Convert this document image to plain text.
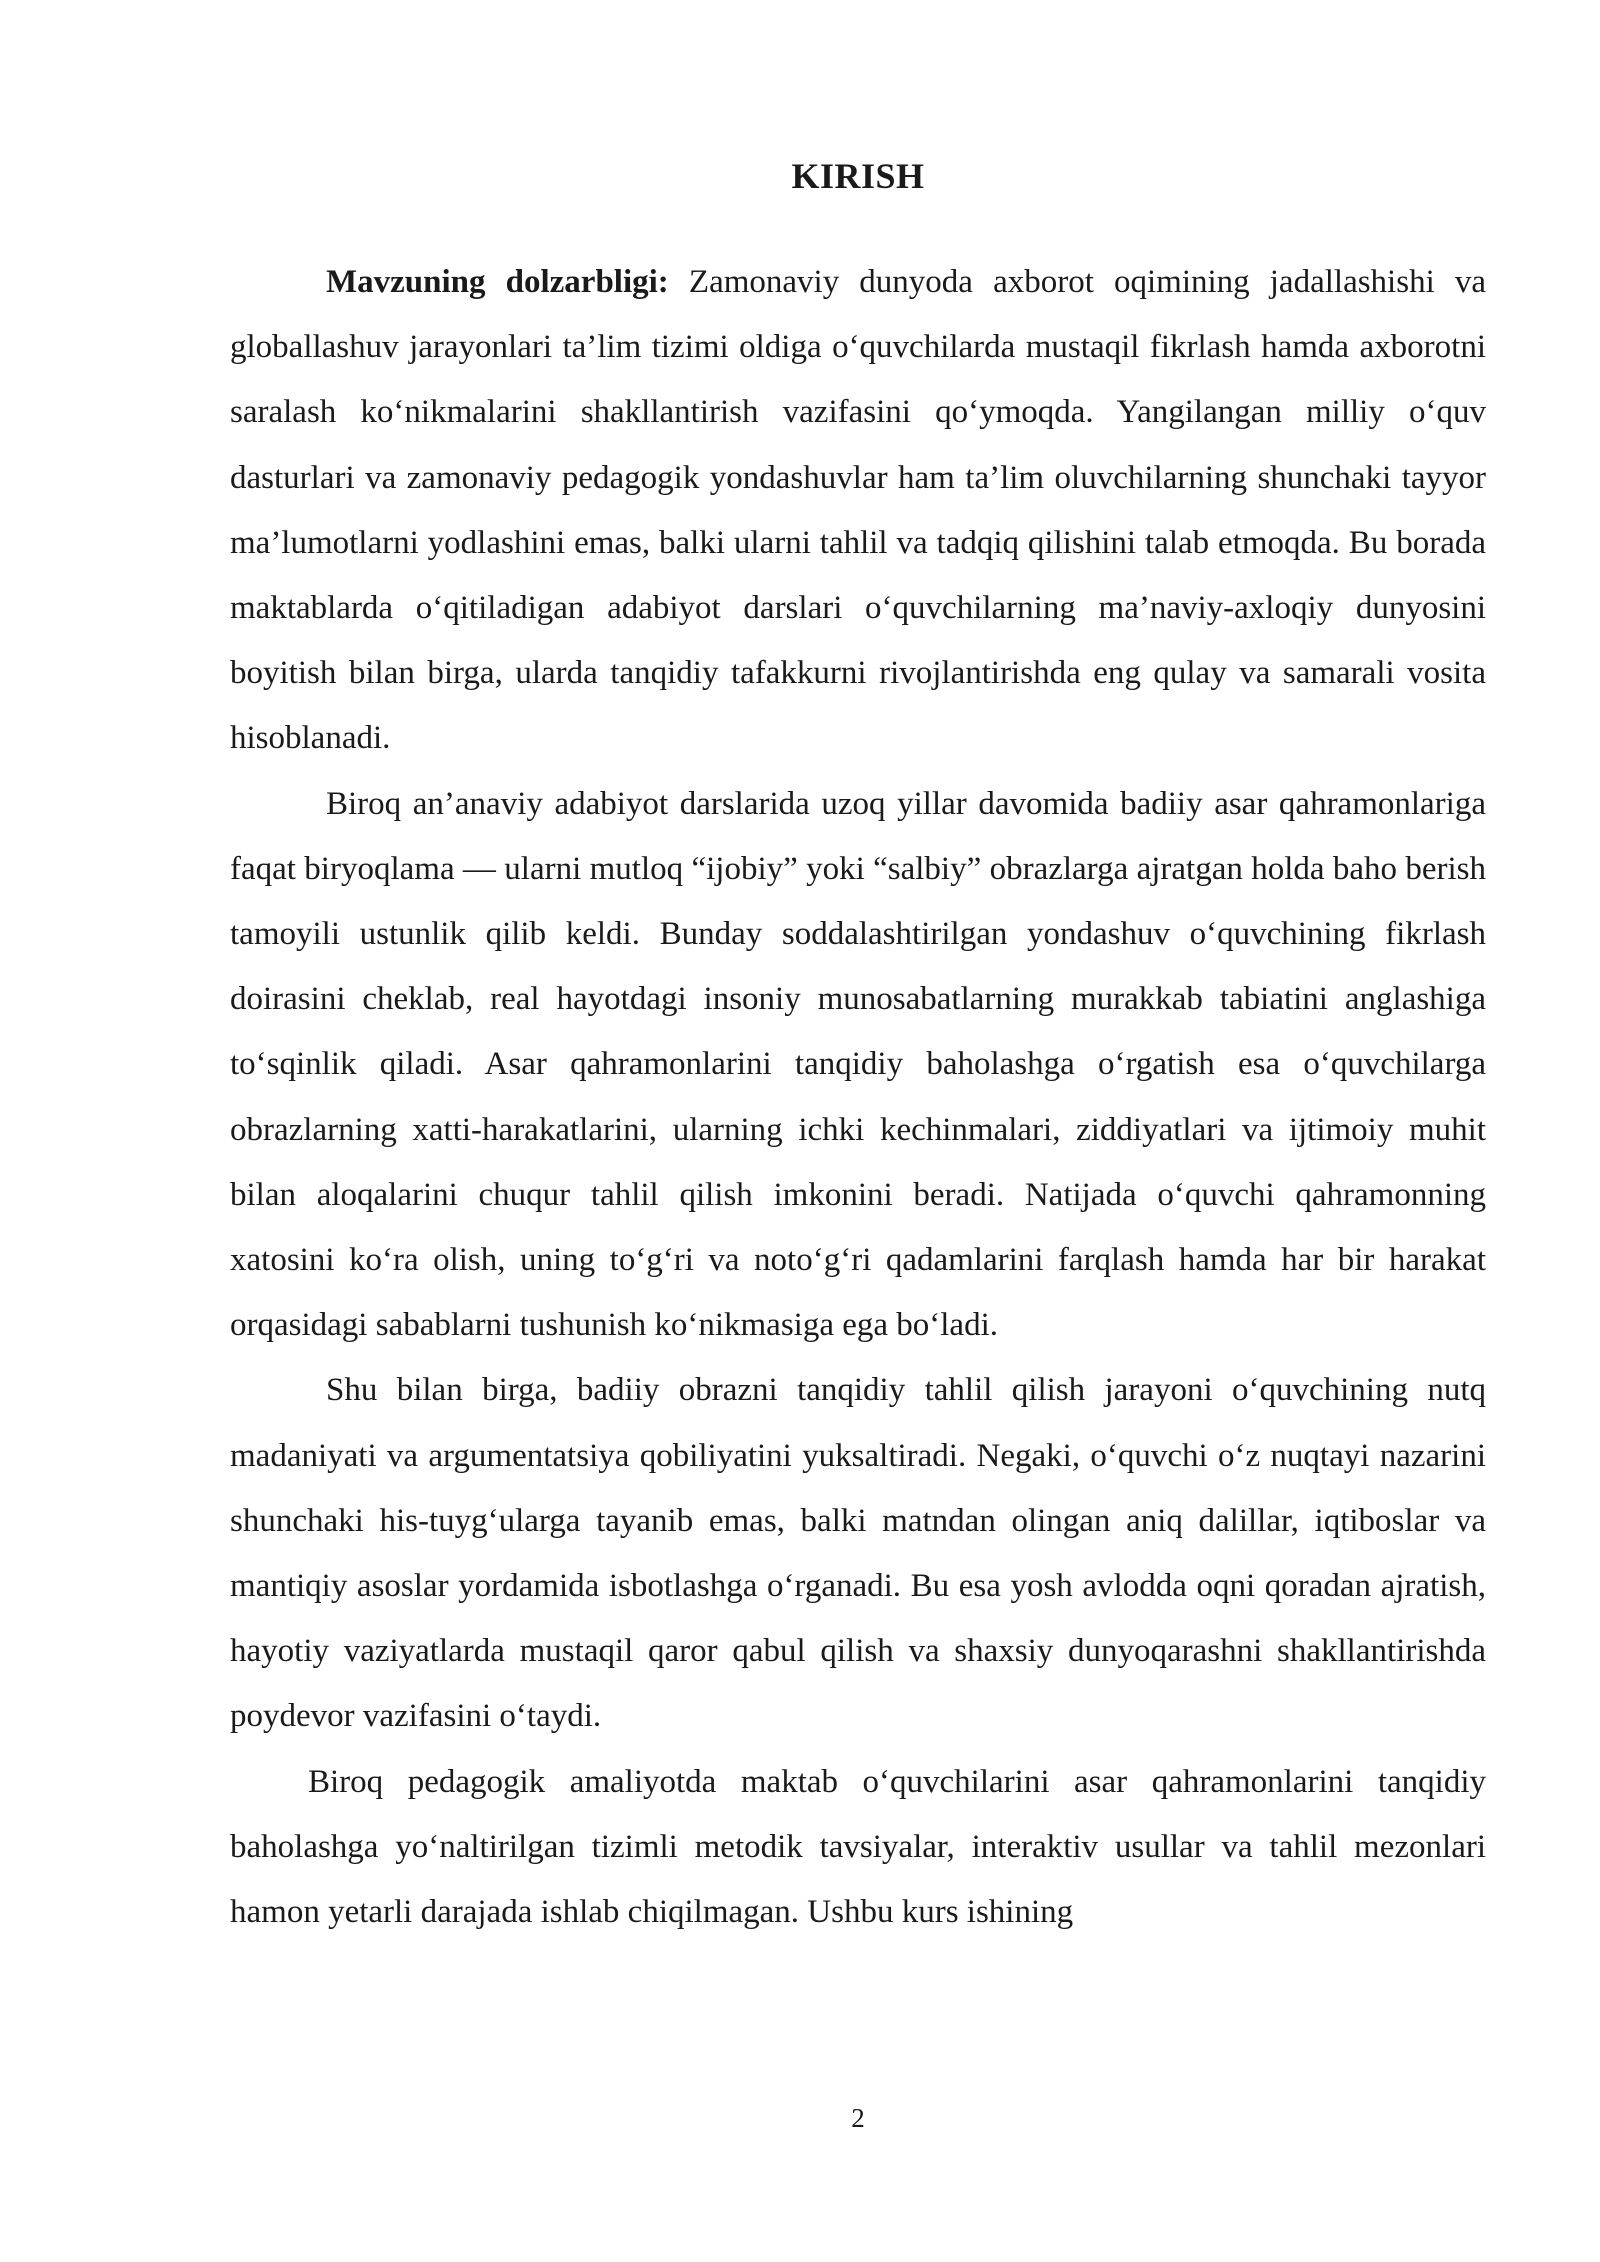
KIRISH

Mavzuning dolzarbligi: Zamonaviy dunyoda axborot oqimining jadallashishi va globallashuv jarayonlari ta’lim tizimi oldiga o‘quvchilarda mustaqil fikrlash hamda axborotni saralash ko‘nikmalarini shakllantirish vazifasini qo‘ymoqda. Yangilangan milliy o‘quv dasturlari va zamonaviy pedagogik yondashuvlar ham ta’lim oluvchilarning shunchaki tayyor ma’lumotlarni yodlashini emas, balki ularni tahlil va tadqiq qilishini talab etmoqda. Bu borada maktablarda o‘qitiladigan adabiyot darslari o‘quvchilarning ma’naviy-axloqiy dunyosini boyitish bilan birga, ularda tanqidiy tafakkurni rivojlantirishda eng qulay va samarali vosita hisoblanadi.

Biroq an’anaviy adabiyot darslarida uzoq yillar davomida badiiy asar qahramonlariga faqat biryoqlama — ularni mutloq “ijobiy” yoki “salbiy” obrazlarga ajratgan holda baho berish tamoyili ustunlik qilib keldi. Bunday soddalashtirilgan yondashuv o‘quvchining fikrlash doirasini cheklab, real hayotdagi insoniy munosabatlarning murakkab tabiatini anglashiga to‘sqinlik qiladi. Asar qahramonlarini tanqidiy baholashga o‘rgatish esa o‘quvchilarga obrazlarning xatti-harakatlarini, ularning ichki kechinmalari, ziddiyatlari va ijtimoiy muhit bilan aloqalarini chuqur tahlil qilish imkonini beradi. Natijada o‘quvchi qahramonning xatosini ko‘ra olish, uning to‘g‘ri va noto‘g‘ri qadamlarini farqlash hamda har bir harakat orqasidagi sabablarni tushunish ko‘nikmasiga ega bo‘ladi.

Shu bilan birga, badiiy obrazni tanqidiy tahlil qilish jarayoni o‘quvchining nutq madaniyati va argumentatsiya qobiliyatini yuksaltiradi. Negaki, o‘quvchi o‘z nuqtayi nazarini shunchaki his-tuyg‘ularga tayanib emas, balki matndan olingan aniq dalillar, iqtiboslar va mantiqiy asoslar yordamida isbotlashga o‘rganadi. Bu esa yosh avlodda oqni qoradan ajratish, hayotiy vaziyatlarda mustaqil qaror qabul qilish va shaxsiy dunyoqarashni shakllantirishda poydevor vazifasini o‘taydi.

Biroq pedagogik amaliyotda maktab o‘quvchilarini asar qahramonlarini tanqidiy baholashga yo‘naltirilgan tizimli metodik tavsiyalar, interaktiv usullar va tahlil mezonlari hamon yetarli darajada ishlab chiqilmagan. Ushbu kurs ishining

2
